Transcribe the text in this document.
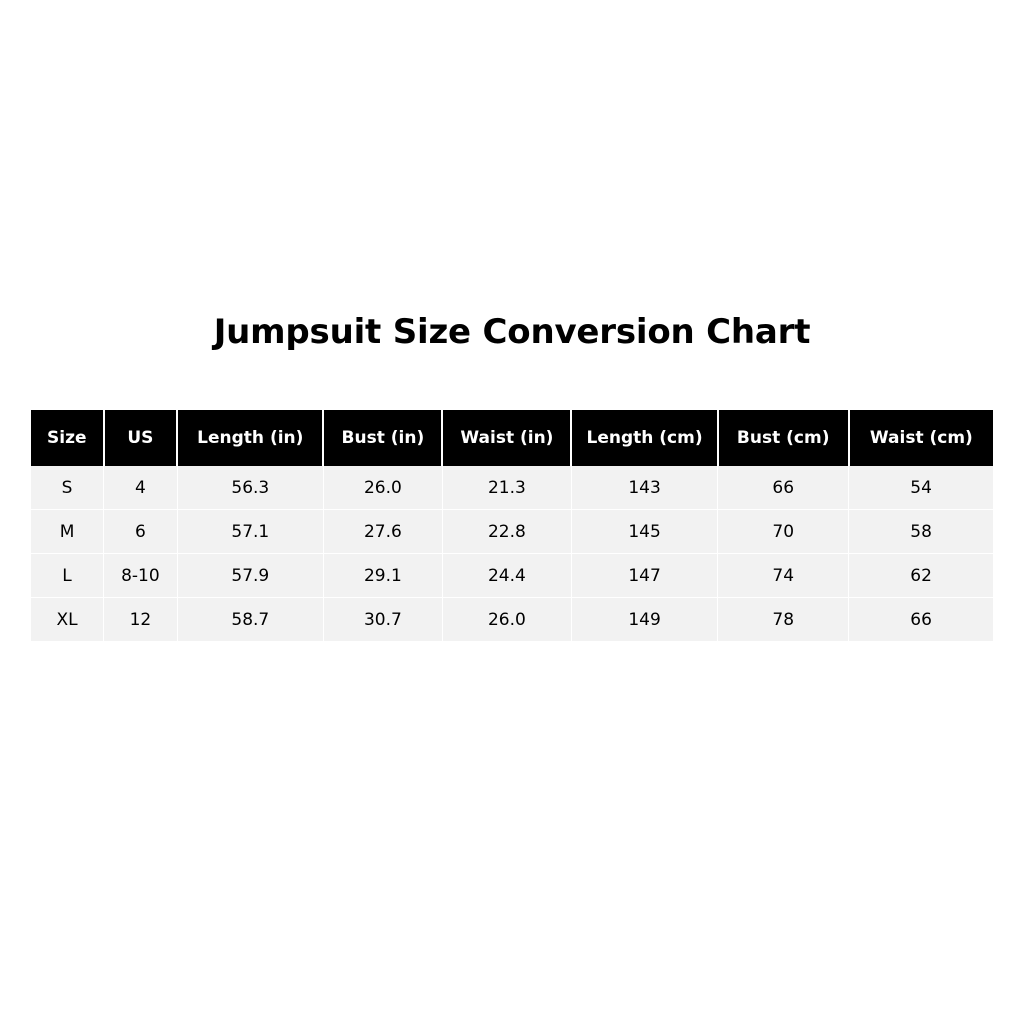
Jumpsuit Size Conversion Chart
Size	US	Length (in)	Bust (in)	Waist (in)	Length (cm)	Bust (cm)	Waist (cm)
S	4	56.3	26.0	21.3	143	66	54
M	6	57.1	27.6	22.8	145	70	58
L	8-10	57.9	29.1	24.4	147	74	62
XL	12	58.7	30.7	26.0	149	78	66
